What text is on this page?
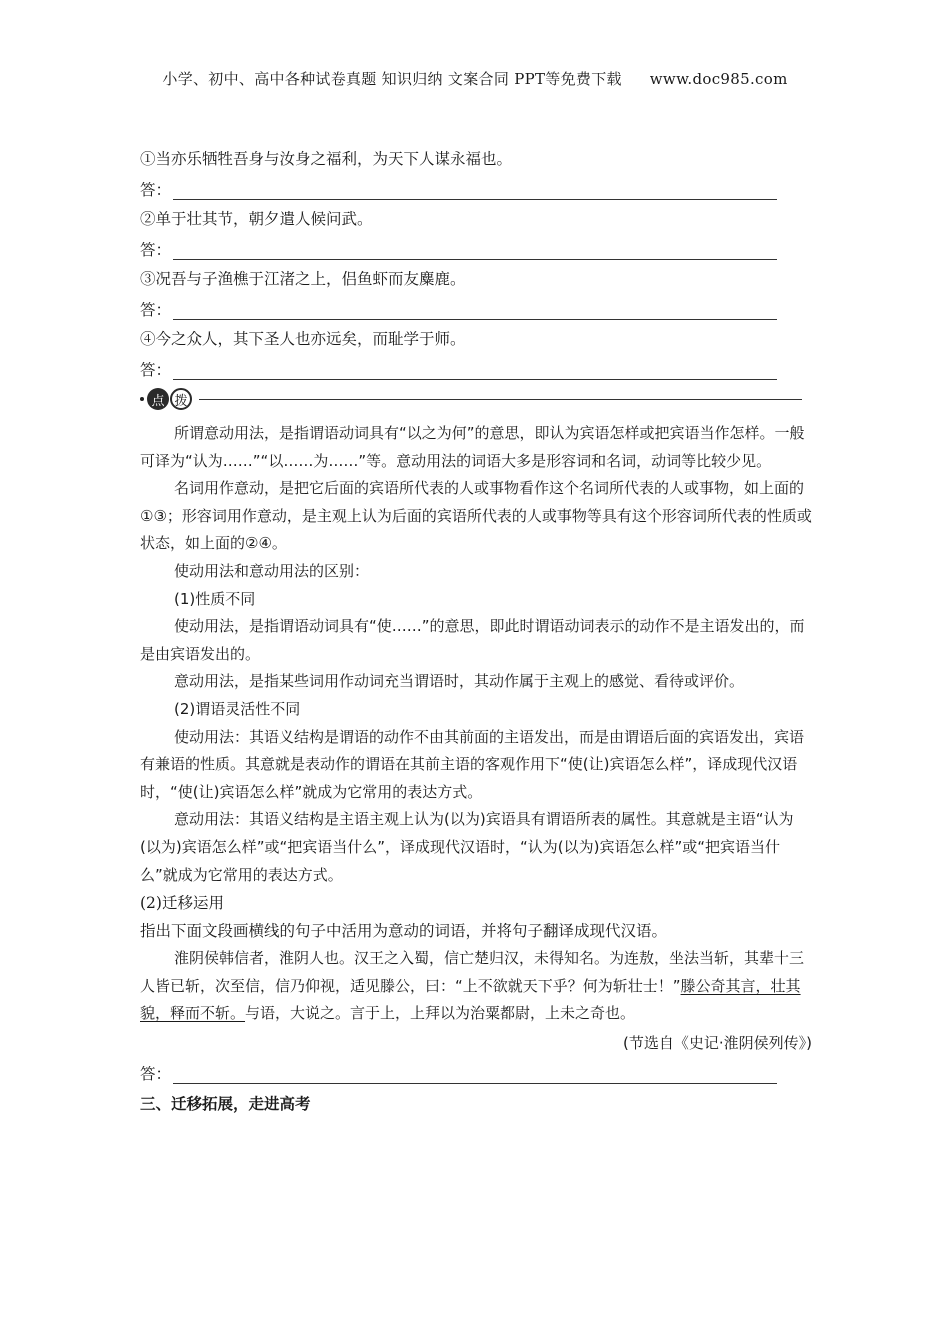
小学、初中、高中各种试卷真题 知识归纳 文案合同 PPT等免费下载 www.doc985.com
①当亦乐牺牲吾身与汝身之福利，为天下人谋永福也。
答：
②单于壮其节，朝夕遣人候问武。
答：
③况吾与子渔樵于江渚之上，侣鱼虾而友麋鹿。
答：
④今之众人，其下圣人也亦远矣，而耻学于师。
答：
点 拨

所谓意动用法，是指谓语动词具有“以之为何”的意思，即认为宾语怎样或把宾语当作怎样。一般可译为“认为……”“以……为……”等。意动用法的词语大多是形容词和名词，动词等比较少见。

名词用作意动，是把它后面的宾语所代表的人或事物看作这个名词所代表的人或事物，如上面的①③；形容词用作意动，是主观上认为后面的宾语所代表的人或事物等具有这个形容词所代表的性质或状态，如上面的②④。

使动用法和意动用法的区别：

(1)性质不同

使动用法，是指谓语动词具有“使……”的意思，即此时谓语动词表示的动作不是主语发出的，而是由宾语发出的。

意动用法，是指某些词用作动词充当谓语时，其动作属于主观上的感觉、看待或评价。

(2)谓语灵活性不同

使动用法：其语义结构是谓语的动作不由其前面的主语发出，而是由谓语后面的宾语发出，宾语有兼语的性质。其意就是表动作的谓语在其前主语的客观作用下“使(让)宾语怎么样”，译成现代汉语时，“使(让)宾语怎么样”就成为它常用的表达方式。

意动用法：其语义结构是主语主观上认为(以为)宾语具有谓语所表的属性。其意就是主语“认为(以为)宾语怎么样”或“把宾语当什么”，译成现代汉语时，“认为(以为)宾语怎么样”或“把宾语当什么”就成为它常用的表达方式。

(2)迁移运用
指出下面文段画横线的句子中活用为意动的词语，并将句子翻译成现代汉语。

淮阴侯韩信者，淮阴人也。汉王之入蜀，信亡楚归汉，未得知名。为连敖，坐法当斩，其辈十三人皆已斩，次至信，信乃仰视，适见滕公，曰：“上不欲就天下乎？何为斩壮士！”滕公奇其言，壮其貌，释而不斩。与语，大说之。言于上，上拜以为治粟都尉，上未之奇也。

(节选自《史记·淮阴侯列传》)
答：
三、迁移拓展，走进高考
